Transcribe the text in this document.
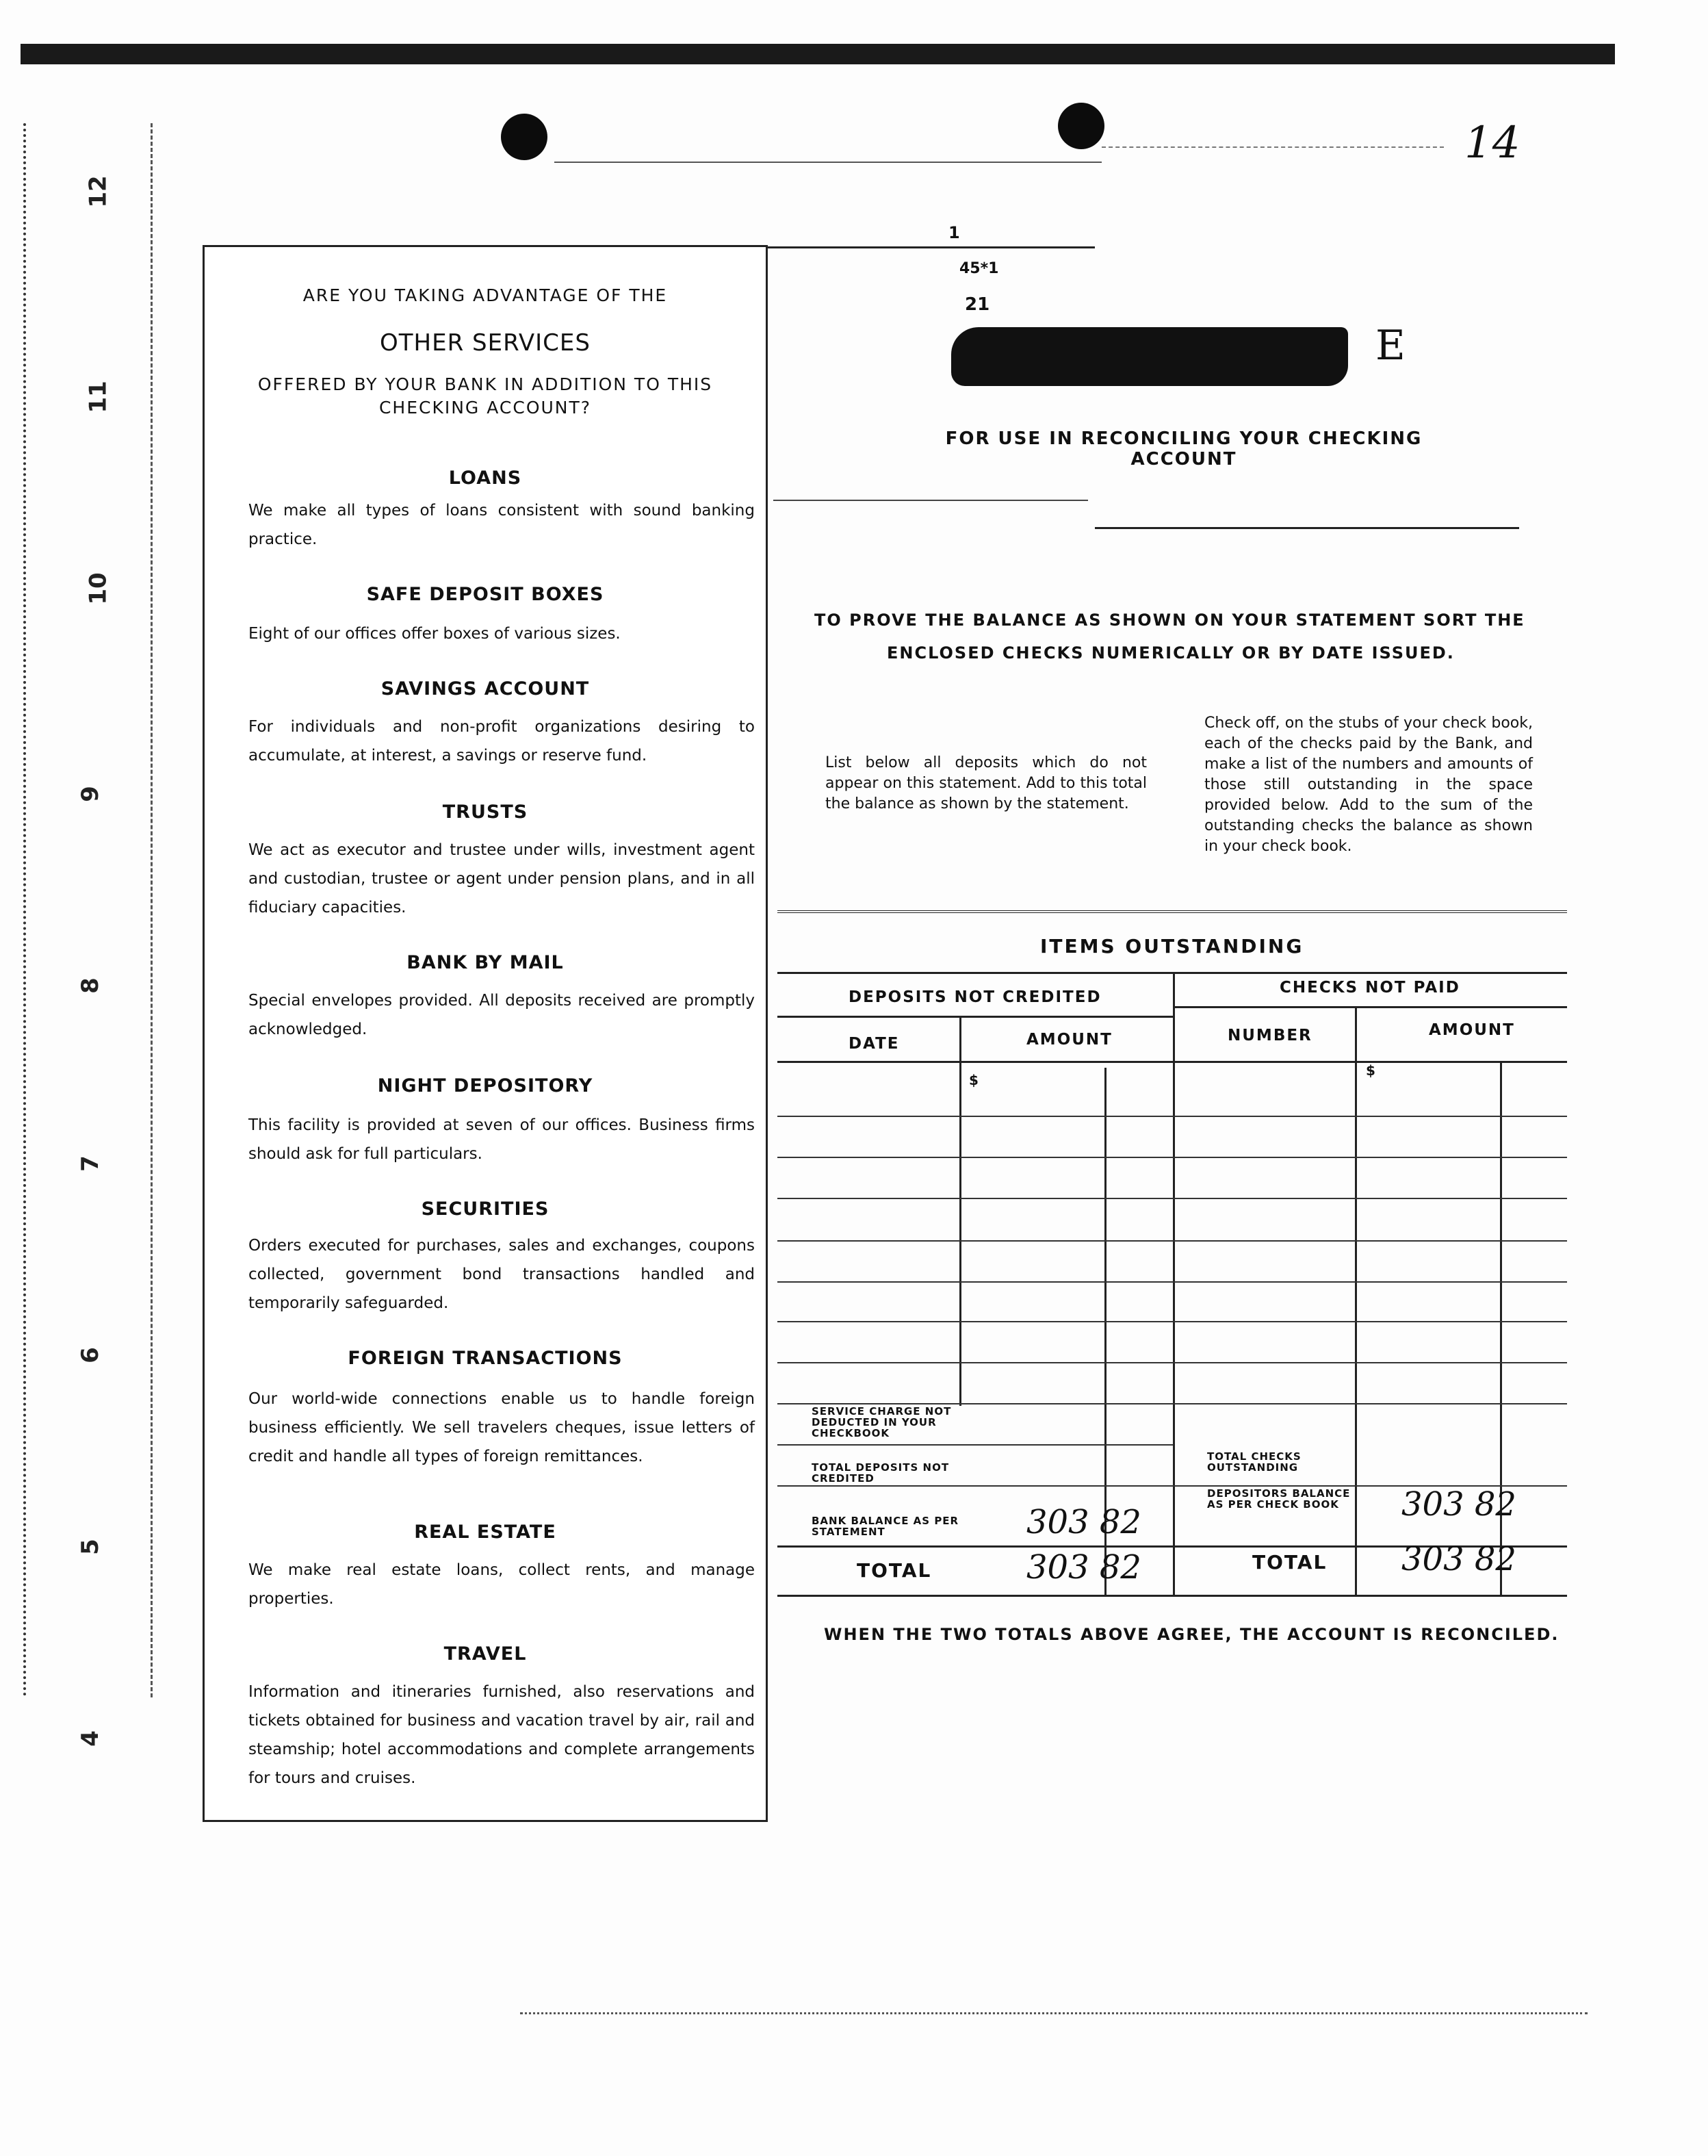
14
12
11
10
9
8
7
6
5
4
ARE YOU TAKING ADVANTAGE OF THE
OTHER SERVICES
OFFERED BY YOUR BANK IN ADDITION TO THIS
CHECKING ACCOUNT?
LOANS
We make all types of loans consistent with sound banking practice.
SAFE DEPOSIT BOXES
Eight of our offices offer boxes of various sizes.
SAVINGS ACCOUNT
For individuals and non-profit organizations desiring to accumulate, at interest, a savings or reserve fund.
TRUSTS
We act as executor and trustee under wills, investment agent and custodian, trustee or agent under pension plans, and in all fiduciary capacities.
BANK BY MAIL
Special envelopes provided. All deposits received are promptly acknowledged.
NIGHT DEPOSITORY
This facility is provided at seven of our offices. Business firms should ask for full particulars.
SECURITIES
Orders executed for purchases, sales and exchanges, coupons collected, government bond transactions handled and temporarily safeguarded.
FOREIGN TRANSACTIONS
Our world-wide connections enable us to handle foreign business efficiently. We sell travelers cheques, issue letters of credit and handle all types of foreign remittances.
REAL ESTATE
We make real estate loans, collect rents, and manage properties.
TRAVEL
Information and itineraries furnished, also reservations and tickets obtained for business and vacation travel by air, rail and steamship; hotel accommodations and complete arrangements for tours and cruises.
1
45*1
21
E
FOR USE IN RECONCILING YOUR CHECKING ACCOUNT
TO PROVE THE BALANCE AS SHOWN ON YOUR STATEMENT SORT THE
ENCLOSED CHECKS NUMERICALLY OR BY DATE ISSUED.
List below all deposits which do not appear on this statement. Add to this total the balance as shown by the statement.
Check off, on the stubs of your check book, each of the checks paid by the Bank, and make a list of the numbers and amounts of those still outstanding in the space provided below. Add to the sum of the outstanding checks the balance as shown in your check book.
ITEMS OUTSTANDING
DEPOSITS NOT CREDITED
CHECKS NOT PAID
DATE	AMOUNT	NUMBER	AMOUNT
$
$
SERVICE CHARGE NOT DEDUCTED IN YOUR CHECKBOOK
TOTAL DEPOSITS NOT CREDITED
TOTAL CHECKS OUTSTANDING
BANK BALANCE AS PER STATEMENT	303 82
DEPOSITORS BALANCE AS PER CHECK BOOK	303 82
TOTAL	303 82	TOTAL 303 82
WHEN THE TWO TOTALS ABOVE AGREE, THE ACCOUNT IS RECONCILED.
